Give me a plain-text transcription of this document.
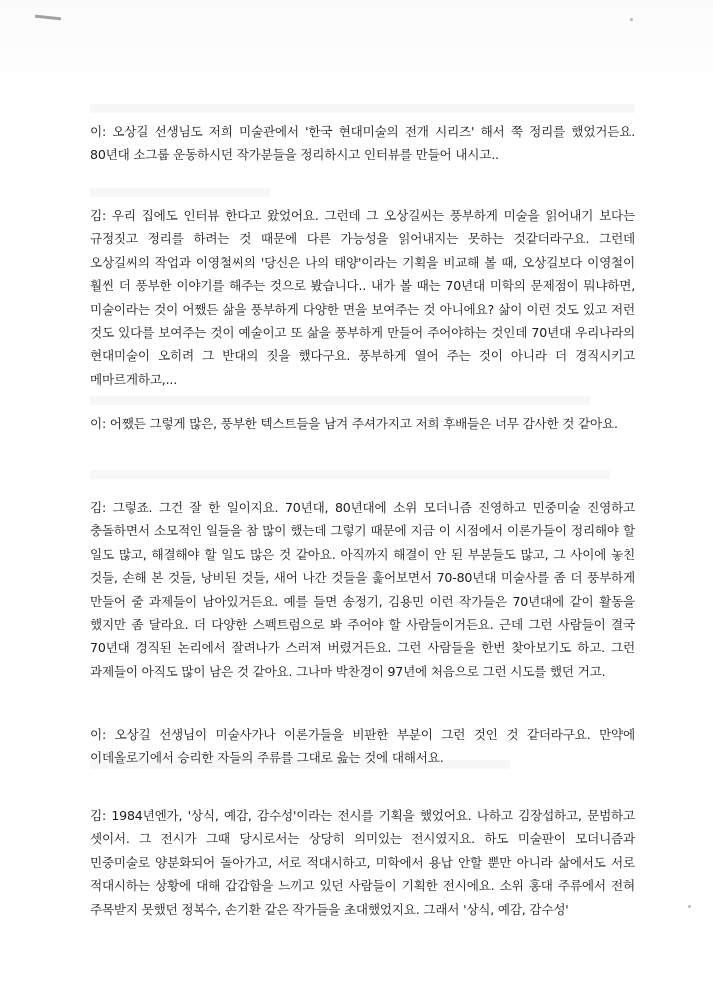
이: 오상길 선생님도 저희 미술관에서 '한국 현대미술의 전개 시리즈' 해서 쭉 정리를 했었거든요. 80년대 소그룹 운동하시던 작가분들을 정리하시고 인터뷰를 만들어 내시고..

김: 우리 집에도 인터뷰 한다고 왔었어요. 그런데 그 오상길씨는 풍부하게 미술을 읽어내기 보다는 규정짓고 정리를 하려는 것 때문에 다른 가능성을 읽어내지는 못하는 것같더라구요. 그런데 오상길씨의 작업과 이영철씨의 '당신은 나의 태양'이라는 기획을 비교해 볼 때, 오상길보다 이영철이 훨씬 더 풍부한 이야기를 해주는 것으로 봤습니다.. 내가 볼 때는 70년대 미학의 문제점이 뭐냐하면, 미술이라는 것이 어쨌든 삶을 풍부하게 다양한 면을 보여주는 것 아니에요? 삶이 이런 것도 있고 저런 것도 있다를 보여주는 것이 예술이고 또 삶을 풍부하게 만들어 주어야하는 것인데 70년대 우리나라의 현대미술이 오히려 그 반대의 짓을 했다구요. 풍부하게 열어 주는 것이 아니라 더 경직시키고 메마르게하고,...

이: 어쨌든 그렇게 많은, 풍부한 텍스트들을 남겨 주셔가지고 저희 후배들은 너무 감사한 것 같아요.

김: 그렇죠. 그건 잘 한 일이지요. 70년대, 80년대에 소위 모더니즘 진영하고 민중미술 진영하고 충돌하면서 소모적인 일들을 참 많이 했는데 그렇기 때문에 지금 이 시점에서 이론가들이 정리해야 할 일도 많고, 해결해야 할 일도 많은 것 같아요. 아직까지 해결이 안 된 부분들도 많고, 그 사이에 놓친 것들, 손해 본 것들, 낭비된 것들, 새어 나간 것들을 훑어보면서 70-80년대 미술사를 좀 더 풍부하게 만들어 줄 과제들이 남아있거든요. 예를 들면 송정기, 김용민 이런 작가들은 70년대에 같이 활동을 했지만 좀 달라요. 더 다양한 스펙트럼으로 봐 주어야 할 사람들이거든요. 근데 그런 사람들이 결국 70년대 경직된 논리에서 잘려나가 스러져 버렸거든요. 그런 사람들을 한번 찾아보기도 하고. 그런 과제들이 아직도 많이 남은 것 같아요. 그나마 박찬경이 97년에 처음으로 그런 시도를 했던 거고.

이: 오상길 선생님이 미술사가나 이론가들을 비판한 부분이 그런 것인 것 같더라구요. 만약에 이데올로기에서 승리한 자들의 주류를 그대로 읊는 것에 대해서요.

김: 1984년엔가, '상식, 예감, 감수성'이라는 전시를 기획을 했었어요. 나하고 김장섭하고, 문범하고 셋이서. 그 전시가 그때 당시로서는 상당히 의미있는 전시였지요. 하도 미술판이 모더니즘과 민중미술로 양분화되어 돌아가고, 서로 적대시하고, 미학에서 용납 안할 뿐만 아니라 삶에서도 서로 적대시하는 상황에 대해 갑갑함을 느끼고 있던 사람들이 기획한 전시에요. 소위 홍대 주류에서 전혀 주목받지 못했던 정복수, 손기환 같은 작가들을 초대했었지요. 그래서 '상식, 예감, 감수성'
